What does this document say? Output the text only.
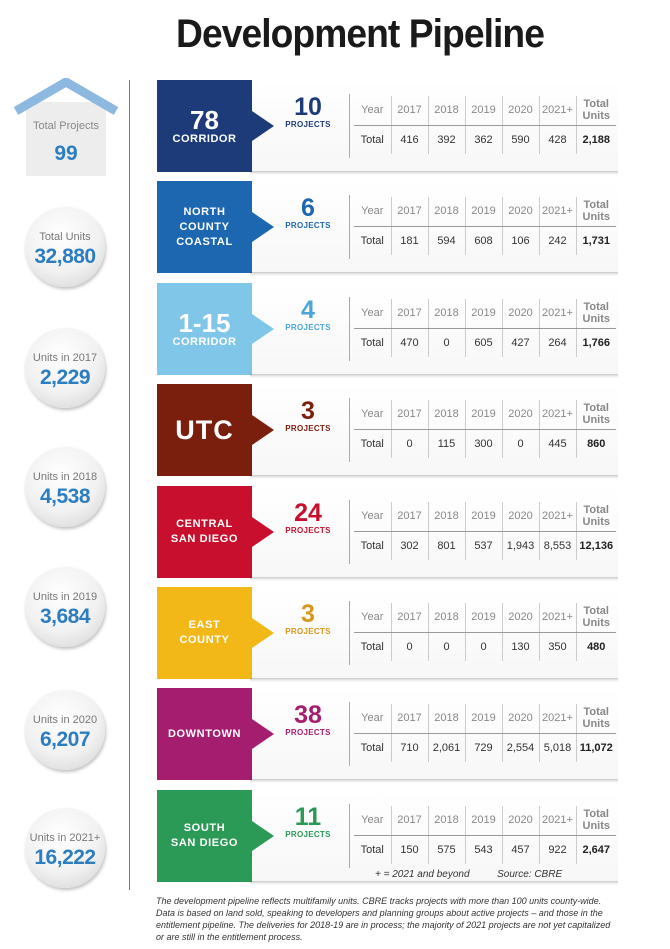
Development Pipeline
Total Projects
99
Total Units
32,880
Units in 2017
2,229
Units in 2018
4,538
Units in 2019
3,684
Units in 2020
6,207
Units in 2021+
16,222
78
CORRIDOR
10
PROJECTS
Year	2017	2018	2019	2020	2021+	Total Units
Total	416	392	362	590	428	2,188
NORTH
COUNTY
COASTAL
6
PROJECTS
Year	2017	2018	2019	2020	2021+	Total Units
Total	181	594	608	106	242	1,731
1-15
CORRIDOR
4
PROJECTS
Year	2017	2018	2019	2020	2021+	Total Units
Total	470	0	605	427	264	1,766
UTC
3
PROJECTS
Year	2017	2018	2019	2020	2021+	Total Units
Total	0	115	300	0	445	860
CENTRAL
SAN DIEGO
24
PROJECTS
Year	2017	2018	2019	2020	2021+	Total Units
Total	302	801	537	1,943	8,553	12,136
EAST
COUNTY
3
PROJECTS
Year	2017	2018	2019	2020	2021+	Total Units
Total	0	0	0	130	350	480
DOWNTOWN
38
PROJECTS
Year	2017	2018	2019	2020	2021+	Total Units
Total	710	2,061	729	2,554	5,018	11,072
SOUTH
SAN DIEGO
11
PROJECTS
Year	2017	2018	2019	2020	2021+	Total Units
Total	150	575	543	457	922	2,647
+ = 2021 and beyond	Source: CBRE
The development pipeline reflects multifamily units. CBRE tracks projects with more than 100 units county-wide. Data is based on land sold, speaking to developers and planning groups about active projects – and those in the entitlement pipeline. The deliveries for 2018-19 are in process; the majority of 2021 projects are not yet capitalized or are still in the entitlement process.
